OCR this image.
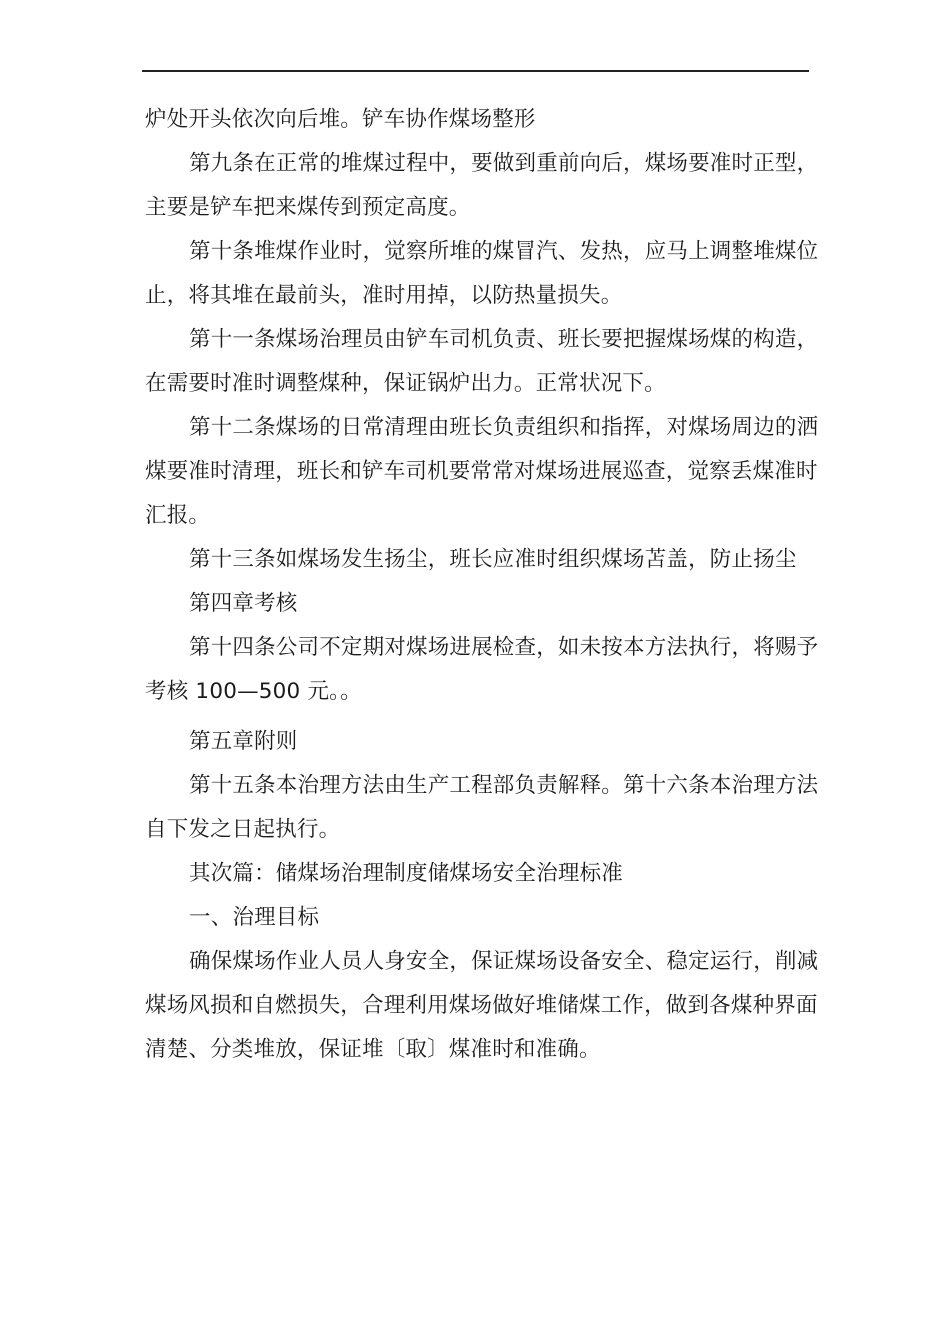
炉处开头依次向后堆。铲车协作煤场整形

第九条在正常的堆煤过程中，要做到重前向后，煤场要准时正型，主要是铲车把来煤传到预定高度。

第十条堆煤作业时，觉察所堆的煤冒汽、发热，应马上调整堆煤位止，将其堆在最前头，准时用掉，以防热量损失。

第十一条煤场治理员由铲车司机负责、班长要把握煤场煤的构造，在需要时准时调整煤种，保证锅炉出力。正常状况下。

第十二条煤场的日常清理由班长负责组织和指挥，对煤场周边的洒煤要准时清理，班长和铲车司机要常常对煤场进展巡查，觉察丢煤准时汇报。

第十三条如煤场发生扬尘，班长应准时组织煤场苫盖，防止扬尘

第四章考核

第十四条公司不定期对煤场进展检查，如未按本方法执行，将赐予考核 100—500 元。。

第五章附则

第十五条本治理方法由生产工程部负责解释。第十六条本治理方法自下发之日起执行。

其次篇：储煤场治理制度储煤场安全治理标准

一、治理目标

确保煤场作业人员人身安全，保证煤场设备安全、稳定运行，削减煤场风损和自燃损失，合理利用煤场做好堆储煤工作，做到各煤种界面清楚、分类堆放，保证堆〔取〕煤准时和准确。
